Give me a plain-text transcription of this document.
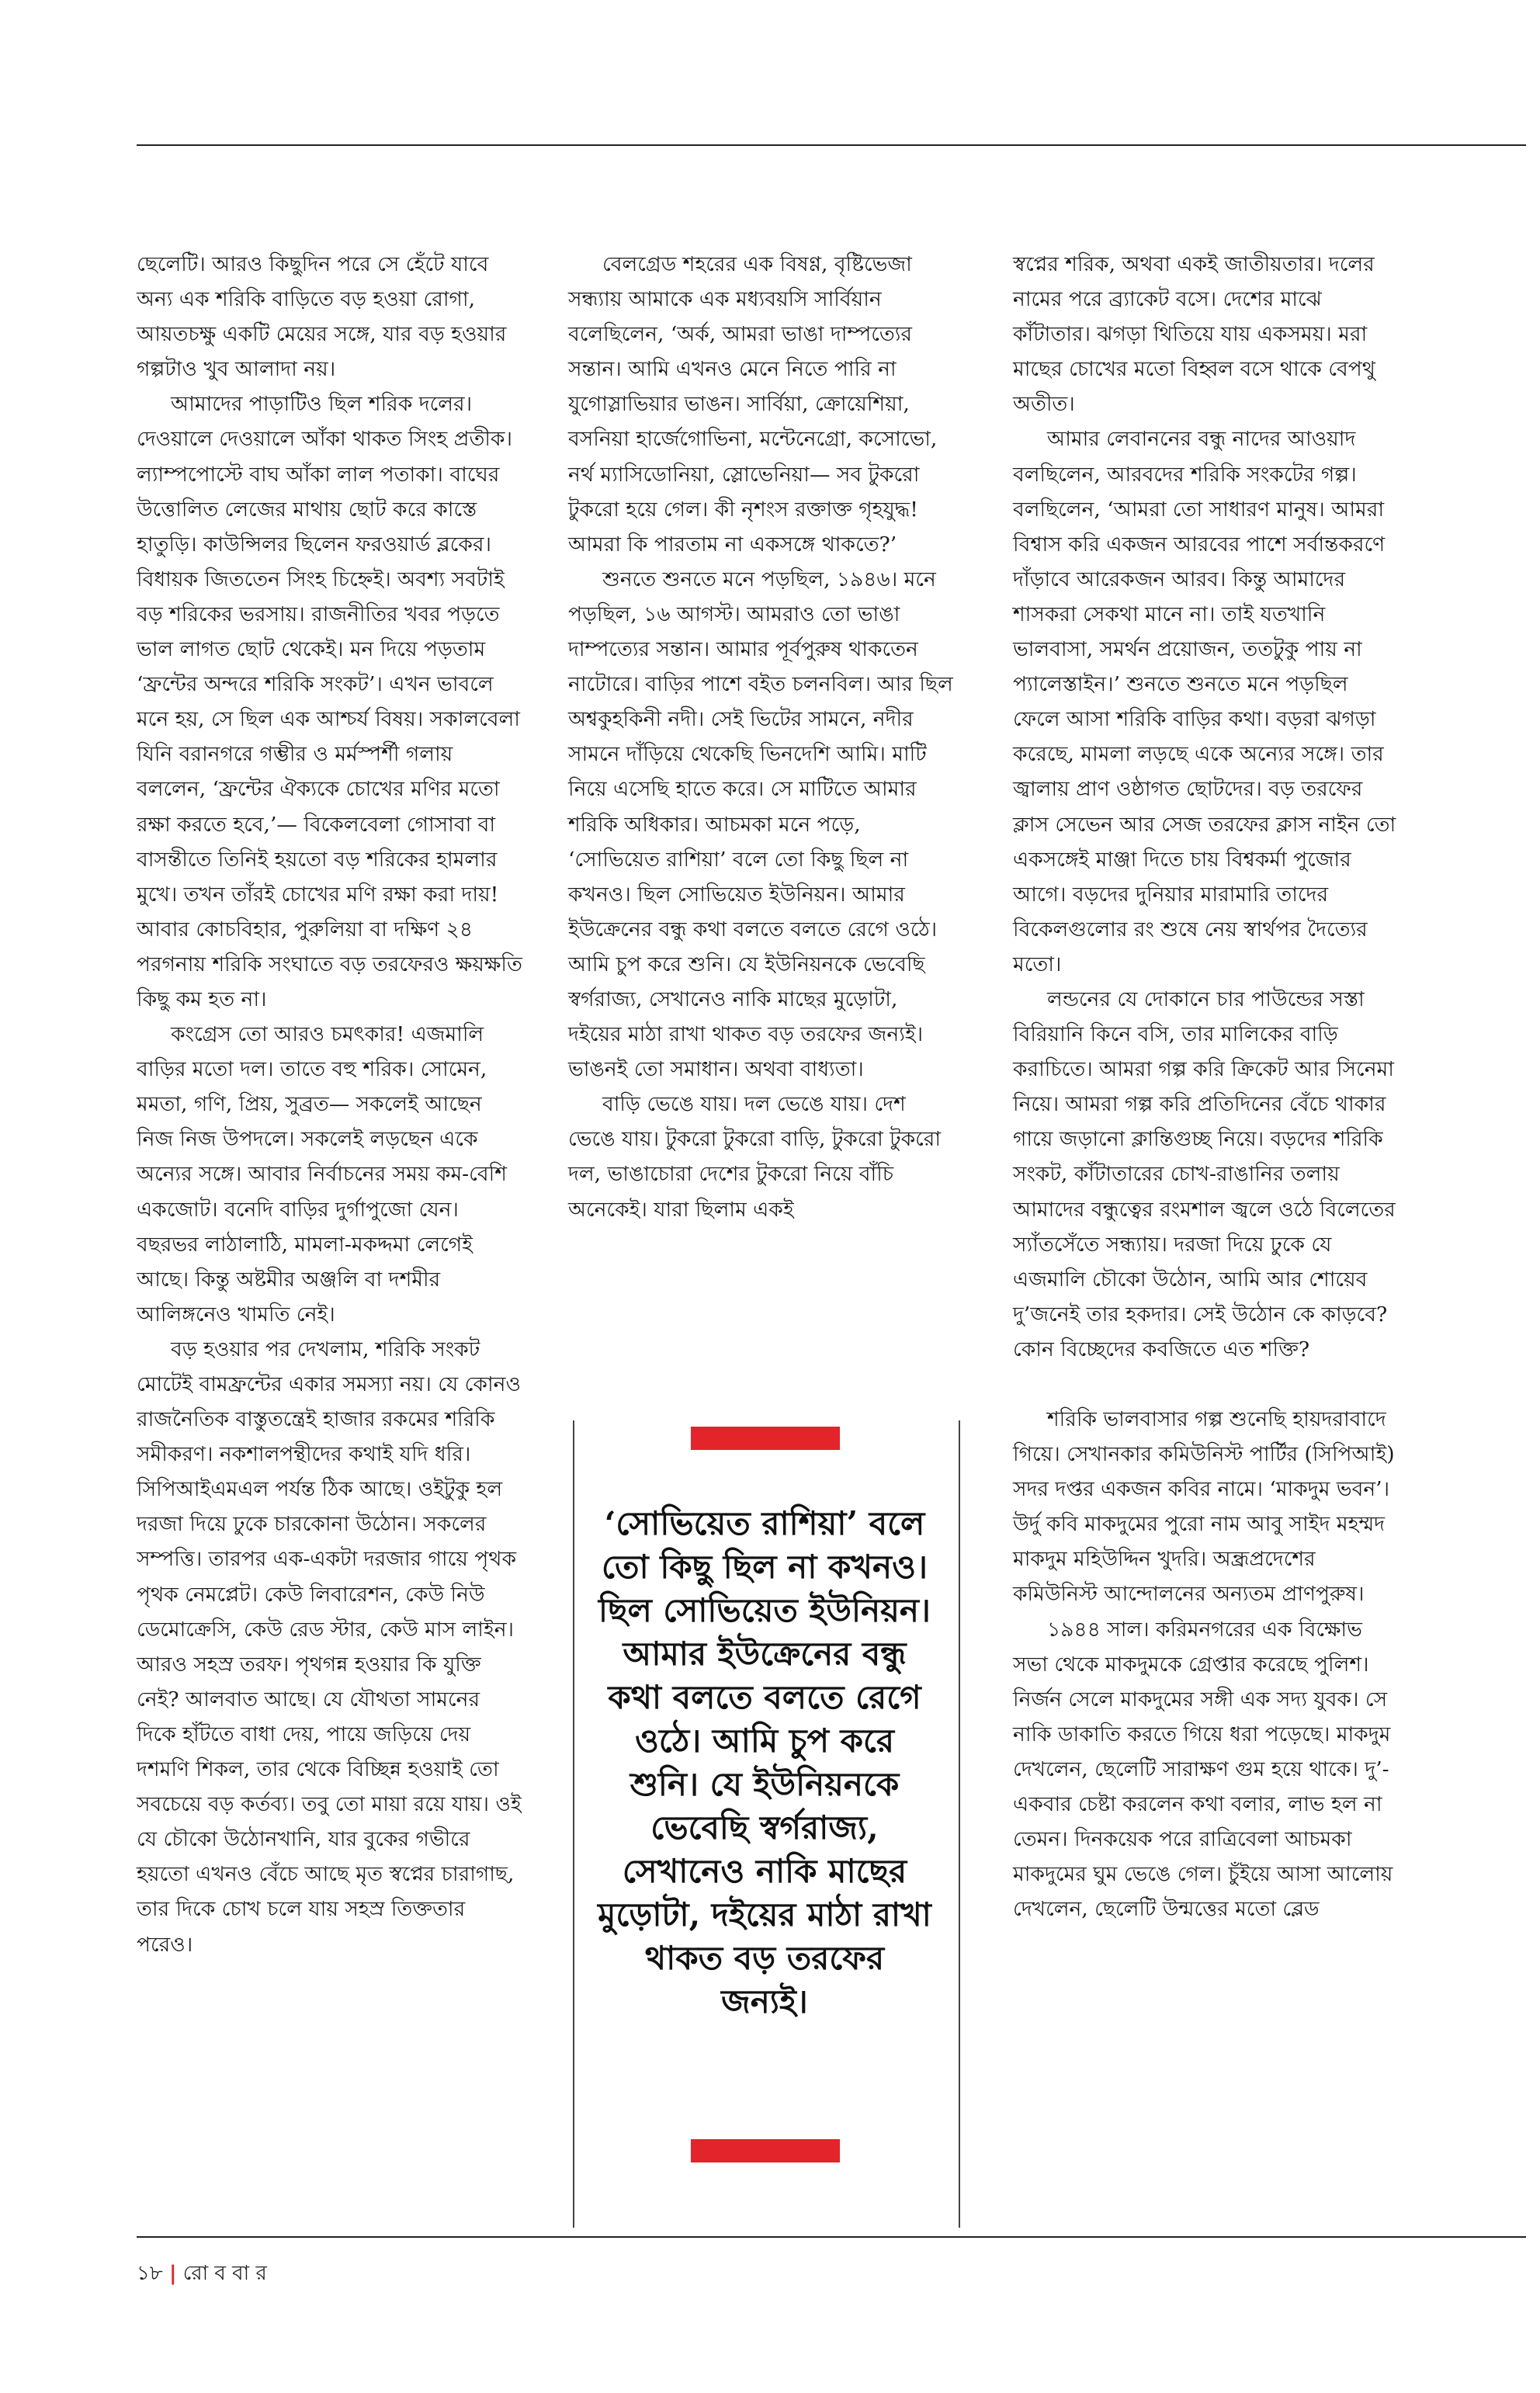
ছেলেটি। আরও কিছুদিন পরে সে হেঁটে যাবে অন্য এক শরিকি বাড়িতে বড় হওয়া রোগা, আয়তচক্ষু একটি মেয়ের সঙ্গে, যার বড় হওয়ার গল্পটাও খুব আলাদা নয়।

আমাদের পাড়াটিও ছিল শরিক দলের। দেওয়ালে দেওয়ালে আঁকা থাকত সিংহ প্রতীক। ল্যাম্পপোস্টে বাঘ আঁকা লাল পতাকা। বাঘের উত্তোলিত লেজের মাথায় ছোট করে কাস্তে হাতুড়ি। কাউন্সিলর ছিলেন ফরওয়ার্ড ব্লকের। বিধায়ক জিততেন সিংহ চিহ্নেই। অবশ্য সবটাই বড় শরিকের ভরসায়। রাজনীতির খবর পড়তে ভাল লাগত ছোট থেকেই। মন দিয়ে পড়তাম ‘ফ্রন্টের অন্দরে শরিকি সংকট’। এখন ভাবলে মনে হয়, সে ছিল এক আশ্চর্য বিষয়। সকালবেলা যিনি বরানগরে গম্ভীর ও মর্মস্পর্শী গলায় বললেন, ‘ফ্রন্টের ঐক্যকে চোখের মণির মতো রক্ষা করতে হবে,’— বিকেলবেলা গোসাবা বা বাসন্তীতে তিনিই হয়তো বড় শরিকের হামলার মুখে। তখন তাঁরই চোখের মণি রক্ষা করা দায়! আবার কোচবিহার, পুরুলিয়া বা দক্ষিণ ২৪ পরগনায় শরিকি সংঘাতে বড় তরফেরও ক্ষয়ক্ষতি কিছু কম হত না।

কংগ্রেস তো আরও চমৎকার! এজমালি বাড়ির মতো দল। তাতে বহু শরিক। সোমেন, মমতা, গণি, প্রিয়, সুব্রত— সকলেই আছেন নিজ নিজ উপদলে। সকলেই লড়ছেন একে অন্যের সঙ্গে। আবার নির্বাচনের সময় কম-বেশি একজোট। বনেদি বাড়ির দুর্গাপুজো যেন। বছরভর লাঠালাঠি, মামলা-মকদ্দমা লেগেই আছে। কিন্তু অষ্টমীর অঞ্জলি বা দশমীর আলিঙ্গনেও খামতি নেই।

বড় হওয়ার পর দেখলাম, শরিকি সংকট মোটেই বামফ্রন্টের একার সমস্যা নয়। যে কোনও রাজনৈতিক বাস্তুতন্ত্রেই হাজার রকমের শরিকি সমীকরণ। নকশালপন্থীদের কথাই যদি ধরি। সিপিআইএমএল পর্যন্ত ঠিক আছে। ওইটুকু হল দরজা দিয়ে ঢুকে চারকোনা উঠোন। সকলের সম্পত্তি। তারপর এক-একটা দরজার গায়ে পৃথক পৃথক নেমপ্লেট। কেউ লিবারেশন, কেউ নিউ ডেমোক্রেসি, কেউ রেড স্টার, কেউ মাস লাইন। আরও সহস্র তরফ। পৃথগন্ন হওয়ার কি যুক্তি নেই? আলবাত আছে। যে যৌথতা সামনের দিকে হাঁটতে বাধা দেয়, পায়ে জড়িয়ে দেয় দশমণি শিকল, তার থেকে বিচ্ছিন্ন হওয়াই তো সবচেয়ে বড় কর্তব্য। তবু তো মায়া রয়ে যায়। ওই যে চৌকো উঠোনখানি, যার বুকের গভীরে হয়তো এখনও বেঁচে আছে মৃত স্বপ্নের চারাগাছ, তার দিকে চোখ চলে যায় সহস্র তিক্ততার পরেও।

বেলগ্রেড শহরের এক বিষণ্ণ, বৃষ্টিভেজা সন্ধ্যায় আমাকে এক মধ্যবয়সি সার্বিয়ান বলেছিলেন, ‘অর্ক, আমরা ভাঙা দাম্পত্যের সন্তান। আমি এখনও মেনে নিতে পারি না যুগোস্লাভিয়ার ভাঙন। সার্বিয়া, ক্রোয়েশিয়া, বসনিয়া হার্জেগোভিনা, মন্টেনেগ্রো, কসোভো, নর্থ ম্যাসিডোনিয়া, স্লোভেনিয়া— সব টুকরো টুকরো হয়ে গেল। কী নৃশংস রক্তাক্ত গৃহযুদ্ধ! আমরা কি পারতাম না একসঙ্গে থাকতে?’

শুনতে শুনতে মনে পড়ছিল, ১৯৪৬। মনে পড়ছিল, ১৬ আগস্ট। আমরাও তো ভাঙা দাম্পত্যের সন্তান। আমার পূর্বপুরুষ থাকতেন নাটোরে। বাড়ির পাশে বইত চলনবিল। আর ছিল অশ্বকুহকিনী নদী। সেই ভিটের সামনে, নদীর সামনে দাঁড়িয়ে থেকেছি ভিনদেশি আমি। মাটি নিয়ে এসেছি হাতে করে। সে মাটিতে আমার শরিকি অধিকার। আচমকা মনে পড়ে, ‘সোভিয়েত রাশিয়া’ বলে তো কিছু ছিল না কখনও। ছিল সোভিয়েত ইউনিয়ন। আমার ইউক্রেনের বন্ধু কথা বলতে বলতে রেগে ওঠে। আমি চুপ করে শুনি। যে ইউনিয়নকে ভেবেছি স্বর্গরাজ্য, সেখানেও নাকি মাছের মুড়োটা, দইয়ের মাঠা রাখা থাকত বড় তরফের জন্যই। ভাঙনই তো সমাধান। অথবা বাধ্যতা।

বাড়ি ভেঙে যায়। দল ভেঙে যায়। দেশ ভেঙে যায়। টুকরো টুকরো বাড়ি, টুকরো টুকরো দল, ভাঙাচোরা দেশের টুকরো নিয়ে বাঁচি অনেকেই। যারা ছিলাম একই

স্বপ্নের শরিক, অথবা একই জাতীয়তার। দলের নামের পরে ব্র্যাকেট বসে। দেশের মাঝে কাঁটাতার। ঝগড়া থিতিয়ে যায় একসময়। মরা মাছের চোখের মতো বিহ্বল বসে থাকে বেপথু অতীত।

আমার লেবাননের বন্ধু নাদের আওয়াদ বলছিলেন, আরবদের শরিকি সংকটের গল্প। বলছিলেন, ‘আমরা তো সাধারণ মানুষ। আমরা বিশ্বাস করি একজন আরবের পাশে সর্বান্তকরণে দাঁড়াবে আরেকজন আরব। কিন্তু আমাদের শাসকরা সেকথা মানে না। তাই যতখানি ভালবাসা, সমর্থন প্রয়োজন, ততটুকু পায় না প্যালেস্তাইন।’ শুনতে শুনতে মনে পড়ছিল ফেলে আসা শরিকি বাড়ির কথা। বড়রা ঝগড়া করেছে, মামলা লড়ছে একে অন্যের সঙ্গে। তার জ্বালায় প্রাণ ওষ্ঠাগত ছোটদের। বড় তরফের ক্লাস সেভেন আর সেজ তরফের ক্লাস নাইন তো একসঙ্গেই মাঞ্জা দিতে চায় বিশ্বকর্মা পুজোর আগে। বড়দের দুনিয়ার মারামারি তাদের বিকেলগুলোর রং শুষে নেয় স্বার্থপর দৈত্যের মতো।

লন্ডনের যে দোকানে চার পাউন্ডের সস্তা বিরিয়ানি কিনে বসি, তার মালিকের বাড়ি করাচিতে। আমরা গল্প করি ক্রিকেট আর সিনেমা নিয়ে। আমরা গল্প করি প্রতিদিনের বেঁচে থাকার গায়ে জড়ানো ক্লান্তিগুচ্ছ নিয়ে। বড়দের শরিকি সংকট, কাঁটাতারের চোখ-রাঙানির তলায় আমাদের বন্ধুত্বের রংমশাল জ্বলে ওঠে বিলেতের স্যাঁতসেঁতে সন্ধ্যায়। দরজা দিয়ে ঢুকে যে এজমালি চৌকো উঠোন, আমি আর শোয়েব দু’জনেই তার হকদার। সেই উঠোন কে কাড়বে? কোন বিচ্ছেদের কবজিতে এত শক্তি?

শরিকি ভালবাসার গল্প শুনেছি হায়দরাবাদে গিয়ে। সেখানকার কমিউনিস্ট পার্টির (সিপিআই) সদর দপ্তর একজন কবির নামে। ‘মাকদুম ভবন’। উর্দু কবি মাকদুমের পুরো নাম আবু সাইদ মহম্মদ মাকদুম মহিউদ্দিন খুদরি। অন্ধ্রপ্রদেশের কমিউনিস্ট আন্দোলনের অন্যতম প্রাণপুরুষ।

১৯৪৪ সাল। করিমনগরের এক বিক্ষোভ সভা থেকে মাকদুমকে গ্রেপ্তার করেছে পুলিশ। নির্জন সেলে মাকদুমের সঙ্গী এক সদ্য যুবক। সে নাকি ডাকাতি করতে গিয়ে ধরা পড়েছে। মাকদুম দেখলেন, ছেলেটি সারাক্ষণ গুম হয়ে থাকে। দু’-একবার চেষ্টা করলেন কথা বলার, লাভ হল না তেমন। দিনকয়েক পরে রাত্রিবেলা আচমকা মাকদুমের ঘুম ভেঙে গেল। চুঁইয়ে আসা আলোয় দেখলেন, ছেলেটি উন্মত্তের মতো ব্লেড

‘সোভিয়েত রাশিয়া’ বলে তো কিছু ছিল না কখনও। ছিল সোভিয়েত ইউনিয়ন। আমার ইউক্রেনের বন্ধু কথা বলতে বলতে রেগে ওঠে। আমি চুপ করে শুনি। যে ইউনিয়নকে ভেবেছি স্বর্গরাজ্য, সেখানেও নাকি মাছের মুড়োটা, দইয়ের মাঠা রাখা থাকত বড় তরফের জন্যই।
১৮ | রো ব বা র
